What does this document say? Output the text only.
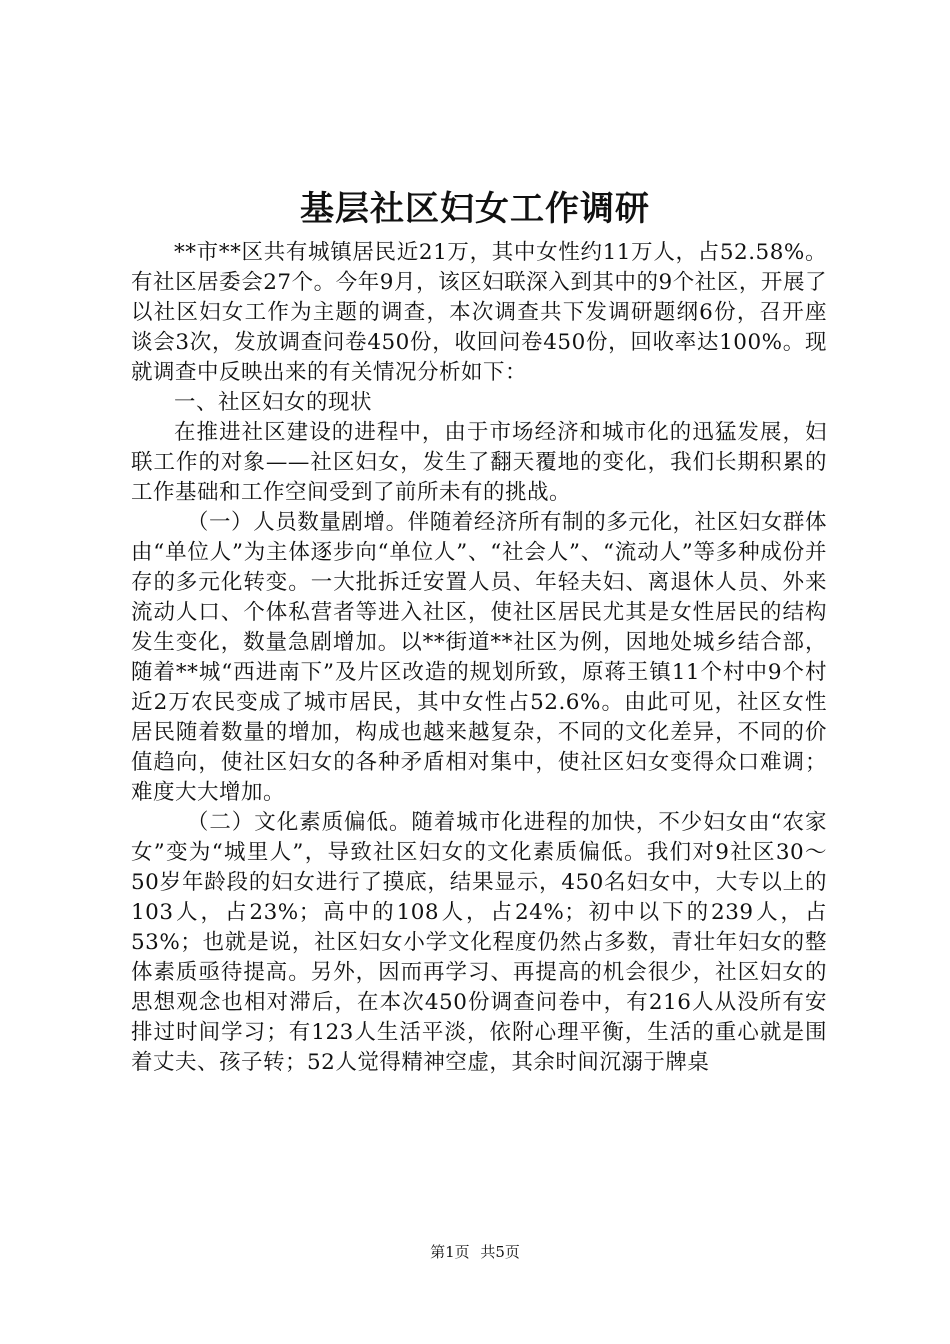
基层社区妇女工作调研

**市**区共有城镇居民近21万，其中女性约11万人，占52.58%。有社区居委会27个。今年9月，该区妇联深入到其中的9个社区，开展了以社区妇女工作为主题的调查，本次调查共下发调研题纲6份，召开座谈会3次，发放调查问卷450份，收回问卷450份，回收率达100%。现就调查中反映出来的有关情况分析如下：

一、社区妇女的现状

在推进社区建设的进程中，由于市场经济和城市化的迅猛发展，妇联工作的对象——社区妇女，发生了翻天覆地的变化，我们长期积累的工作基础和工作空间受到了前所未有的挑战。

（一）人员数量剧增。伴随着经济所有制的多元化，社区妇女群体由“单位人”为主体逐步向“单位人”、“社会人”、“流动人”等多种成份并存的多元化转变。一大批拆迁安置人员、年轻夫妇、离退休人员、外来流动人口、个体私营者等进入社区，使社区居民尤其是女性居民的结构发生变化，数量急剧增加。以**街道**社区为例，因地处城乡结合部，随着**城“西进南下”及片区改造的规划所致，原蒋王镇11个村中9个村近2万农民变成了城市居民，其中女性占52.6%。由此可见，社区女性居民随着数量的增加，构成也越来越复杂，不同的文化差异，不同的价值趋向，使社区妇女的各种矛盾相对集中，使社区妇女变得众口难调；难度大大增加。

（二）文化素质偏低。随着城市化进程的加快，不少妇女由“农家女”变为“城里人”，导致社区妇女的文化素质偏低。我们对9社区30～50岁年龄段的妇女进行了摸底，结果显示，450名妇女中，大专以上的103人，占23%；高中的108人，占24%；初中以下的239人，占53%；也就是说，社区妇女小学文化程度仍然占多数，青壮年妇女的整体素质亟待提高。另外，因而再学习、再提高的机会很少，社区妇女的思想观念也相对滞后，在本次450份调查问卷中，有216人从没所有安排过时间学习；有123人生活平淡，依附心理平衡，生活的重心就是围着丈夫、孩子转；52人觉得精神空虚，其余时间沉溺于牌桌

第1页 共5页
